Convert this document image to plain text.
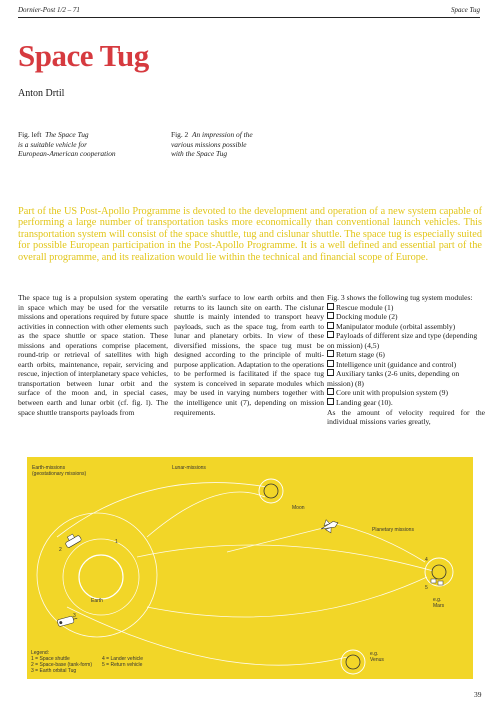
Dornier-Post 1/2 – 71	Space Tug
Space Tug
Anton Drtil
Fig. left The Space Tug
is a suitable vehicle for
European-American cooperation
Fig. 2 An impression of the
various missions possible
with the Space Tug
Part of the US Post-Apollo Programme is devoted to the development and operation of a new system capable of performing a large number of transportation tasks more economically than conventional launch vehicles. This transportation system will consist of the space shuttle, tug and cislunar shuttle. The space tug is especially suited for possible European participation in the Post-Apollo Programme. It is a well defined and essential part of the overall programme, and its realization would lie within the technical and financial scope of Europe.

The space tug is a propulsion system operating in space which may be used for the versatile missions and operations required by future space activities in connection with other elements such as the space shuttle or space station. These missions and operations comprise placement, round-trip or retrieval of satellites with high earth orbits, maintenance, repair, servicing and rescue, injection of interplanetary space vehicles, transportation between lunar orbit and the surface of the moon and, in special cases, between earth and lunar orbit (cf. fig. l). The space shuttle transports payloads from

the earth's surface to low earth orbits and then returns to its launch site on earth. The cislunar shuttle is mainly intended to transport heavy payloads, such as the space tug, from earth to lunar and planetary orbits. In view of these diversified missions, the space tug must be designed according to the principle of multi-purpose application. Adaptation to the operations to be performed is facilitated if the space tug system is conceived in separate modules which may be used in varying numbers together with the intelligence unit (7), depending on mission requirements.

Fig. 3 shows the following tug system modules:

Rescue module (1)
Docking module (2)
Manipulator module (orbital assembly)
Payloads of different size and type (depending on mission) (4,5)
Return stage (6)
Intelligence unit (guidance and control)
Auxiliary tanks (2-6 units, depending on mission) (8)
Core unit with propulsion system (9)
Landing gear (10).

As the amount of velocity required for the individual missions varies greatly,

Earth-missions
(geostationary missions)
Lunar-missions
Moon
Planetary missions
Earth	e.g.
Mars
e.g.
Venus
1
2
3
4
5
Legend:
1 = Space shuttle
2 = Space-base (tank-form)
3 = Earth orbital Tug
4 = Lander vehicle
5 = Return vehicle
39
